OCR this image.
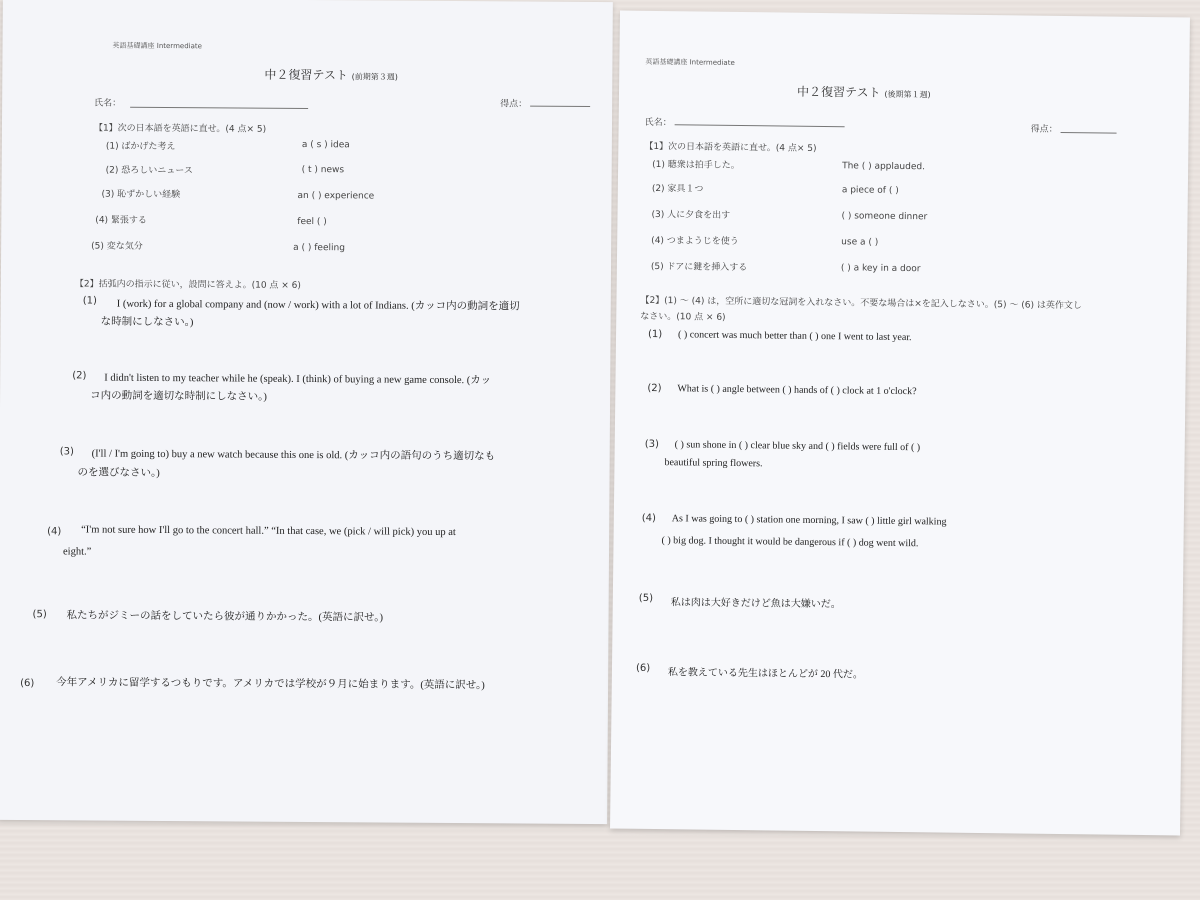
英語基礎講座 Intermediate
中２復習テスト (前期第３週)
氏名：	得点：
【1】次の日本語を英語に直せ。(4 点× 5)
(1) ばかげた考え	a ( s ) idea
(2) 恐ろしいニュース	( t ) news
(3) 恥ずかしい経験	an ( ) experience
(4) 緊張する	feel ( )
(5) 変な気分	a ( ) feeling
【2】括弧内の指示に従い，設問に答えよ。(10 点 × 6)
(1) I (work) for a global company and (now / work) with a lot of Indians. (カッコ内の動詞を適切
な時制にしなさい。)
(2) I didn't listen to my teacher while he (speak). I (think) of buying a new game console. (カッ
コ内の動詞を適切な時制にしなさい。)
(3) (I'll / I'm going to) buy a new watch because this one is old. (カッコ内の語句のうち適切なも
のを選びなさい。)
(4) “I'm not sure how I'll go to the concert hall.” “In that case, we (pick / will pick) you up at
eight.”
(5) 私たちがジミーの話をしていたら彼が通りかかった。(英語に訳せ。)
(6) 今年アメリカに留学するつもりです。アメリカでは学校が９月に始まります。(英語に訳せ。)
英語基礎講座 Intermediate
中２復習テスト (後期第１週)
氏名：
得点：
【1】次の日本語を英語に直せ。(4 点× 5)
(1) 聴衆は拍手した。	The ( ) applauded.
(2) 家具１つ	a piece of ( )
(3) 人に夕食を出す	( ) someone dinner
(4) つまようじを使う	use a ( )
(5) ドアに鍵を挿入する	( ) a key in a door
【2】(1) 〜 (4) は，空所に適切な冠詞を入れなさい。不要な場合は×を記入しなさい。(5) 〜 (6) は英作文し
なさい。(10 点 × 6)
(1) ( ) concert was much better than ( ) one I went to last year.
(2) What is ( ) angle between ( ) hands of ( ) clock at 1 o'clock?
(3) ( ) sun shone in ( ) clear blue sky and ( ) fields were full of ( )
beautiful spring flowers.
(4) As I was going to ( ) station one morning, I saw ( ) little girl walking
( ) big dog. I thought it would be dangerous if ( ) dog went wild.
(5) 私は肉は大好きだけど魚は大嫌いだ。
(6) 私を教えている先生はほとんどが 20 代だ。
